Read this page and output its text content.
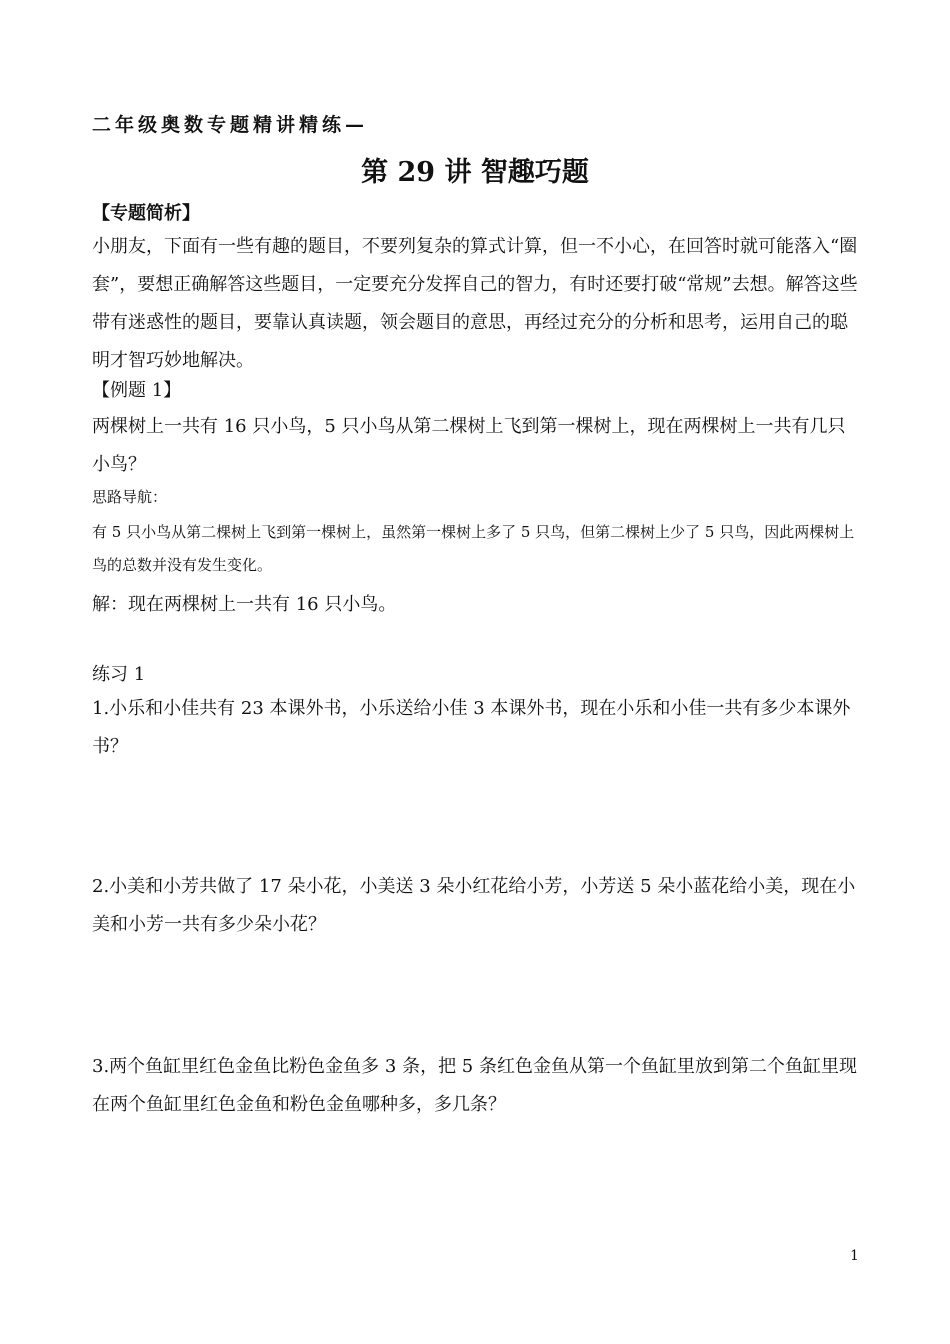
二年级奥数专题精讲精练—
第 29 讲 智趣巧题
【专题简析】
小朋友，下面有一些有趣的题目，不要列复杂的算式计算，但一不小心，在回答时就可能落入“圈套”，要想正确解答这些题目，一定要充分发挥自己的智力，有时还要打破“常规”去想。解答这些带有迷惑性的题目，要靠认真读题，领会题目的意思，再经过充分的分析和思考，运用自己的聪明才智巧妙地解决。
【例题 1】
两棵树上一共有 16 只小鸟，5 只小鸟从第二棵树上飞到第一棵树上，现在两棵树上一共有几只小鸟？
思路导航：
有 5 只小鸟从第二棵树上飞到第一棵树上，虽然第一棵树上多了 5 只鸟，但第二棵树上少了 5 只鸟，因此两棵树上鸟的总数并没有发生变化。
解：现在两棵树上一共有 16 只小鸟。
练习 1
1.小乐和小佳共有 23 本课外书，小乐送给小佳 3 本课外书，现在小乐和小佳一共有多少本课外书？
2.小美和小芳共做了 17 朵小花，小美送 3 朵小红花给小芳，小芳送 5 朵小蓝花给小美，现在小美和小芳一共有多少朵小花？
3.两个鱼缸里红色金鱼比粉色金鱼多 3 条，把 5 条红色金鱼从第一个鱼缸里放到第二个鱼缸里现在两个鱼缸里红色金鱼和粉色金鱼哪种多，多几条？
1
